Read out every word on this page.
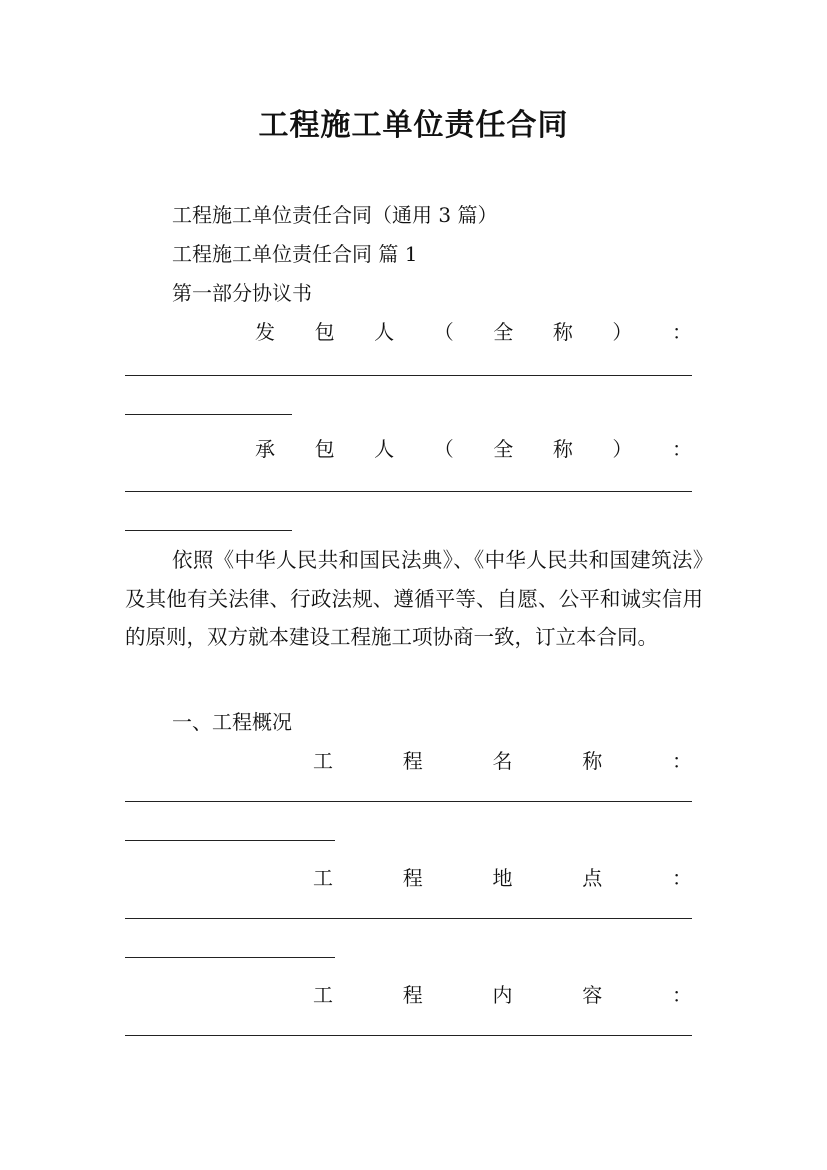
工程施工单位责任合同
工程施工单位责任合同（通用 3 篇）
工程施工单位责任合同 篇 1
第一部分协议书
发 包 人 （ 全 称 ） ：
承 包 人 （ 全 称 ） ：
依照《中华人民共和国民法典》、《中华人民共和国建筑法》及其他有关法律、行政法规、遵循平等、自愿、公平和诚实信用的原则，双方就本建设工程施工项协商一致，订立本合同。
一、工程概况
工	程	名	称	：
工	程	地	点	：
工	程	内	容	：
